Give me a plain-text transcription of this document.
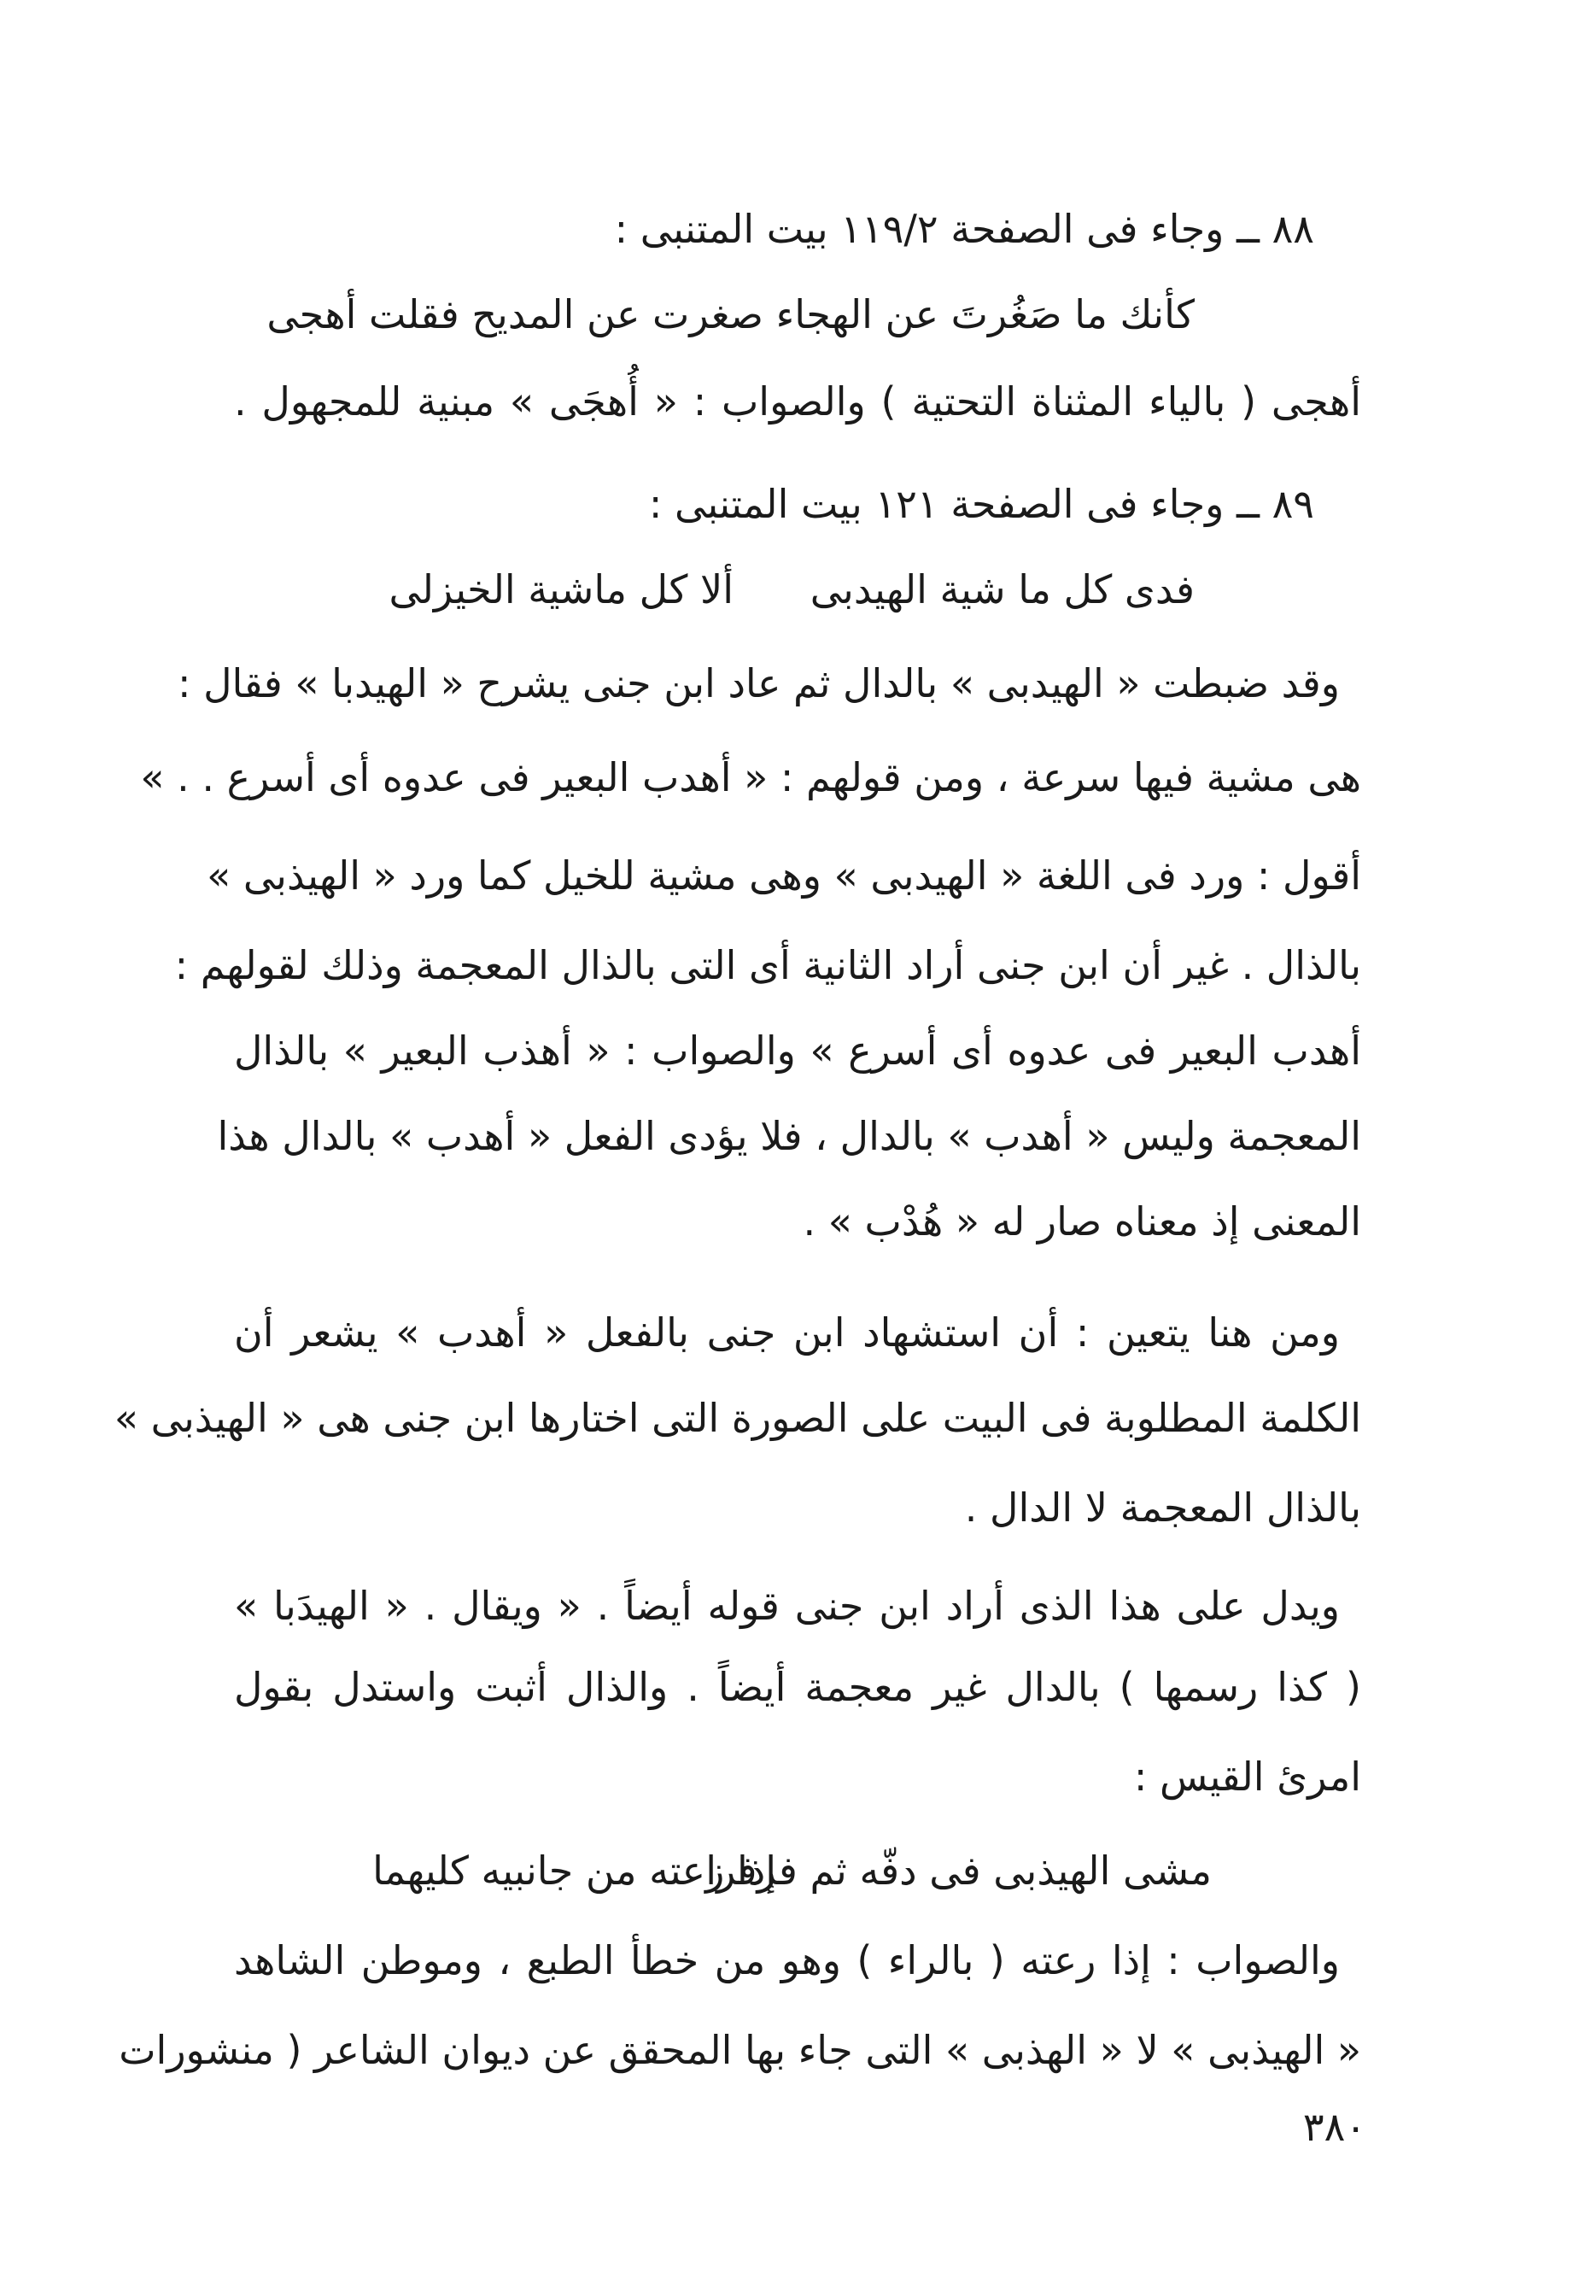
٨٨ ــ وجاء فى الصفحة ١١٩/٢ بيت المتنبى :
صغرت عن المديح فقلت أهجى كأنك ما صَغُرتَ عن الهجاء
أهجى ( بالياء المثناة التحتية ) والصواب : « أُهجَى » مبنية للمجهول .
٨٩ ــ وجاء فى الصفحة ١٢١ بيت المتنبى :
ألا كل ماشية الخيزلى فدى كل ما شية الهيدبى
وقد ضبطت « الهيدبى » بالدال ثم عاد ابن جنى يشرح « الهيدبا » فقال :
هى مشية فيها سرعة ، ومن قولهم : « أهدب البعير فى عدوه أى أسرع . . »
أقول : ورد فى اللغة « الهيدبى » وهى مشية للخيل كما ورد « الهيذبى »
بالذال . غير أن ابن جنى أراد الثانية أى التى بالذال المعجمة وذلك لقولهم :
أهدب البعير فى عدوه أى أسرع » والصواب : « أهذب البعير » بالذال
المعجمة وليس « أهدب » بالدال ، فلا يؤدى الفعل « أهدب » بالدال هذا
المعنى إذ معناه صار له « هُدْب » .
ومن هنا يتعين : أن استشهاد ابن جنى بالفعل « أهدب » يشعر أن
الكلمة المطلوبة فى البيت على الصورة التى اختارها ابن جنى هى « الهيذبى »
بالذال المعجمة لا الدال .
ويدل على هذا الذى أراد ابن جنى قوله أيضاً . « ويقال . « الهيدَبا »
( كذا رسمها ) بالدال غير معجمة أيضاً . والذال أثبت واستدل بقول
امرئ القيس :
إذا زعته من جانبيه كليهما
مشى الهيذبى فى دفّه ثم فرفرا
والصواب : إذا رعته ( بالراء ) وهو من خطأ الطبع ، وموطن الشاهد
« الهيذبى » لا « الهذبى » التى جاء بها المحقق عن ديوان الشاعر ( منشورات
٣٨٠
